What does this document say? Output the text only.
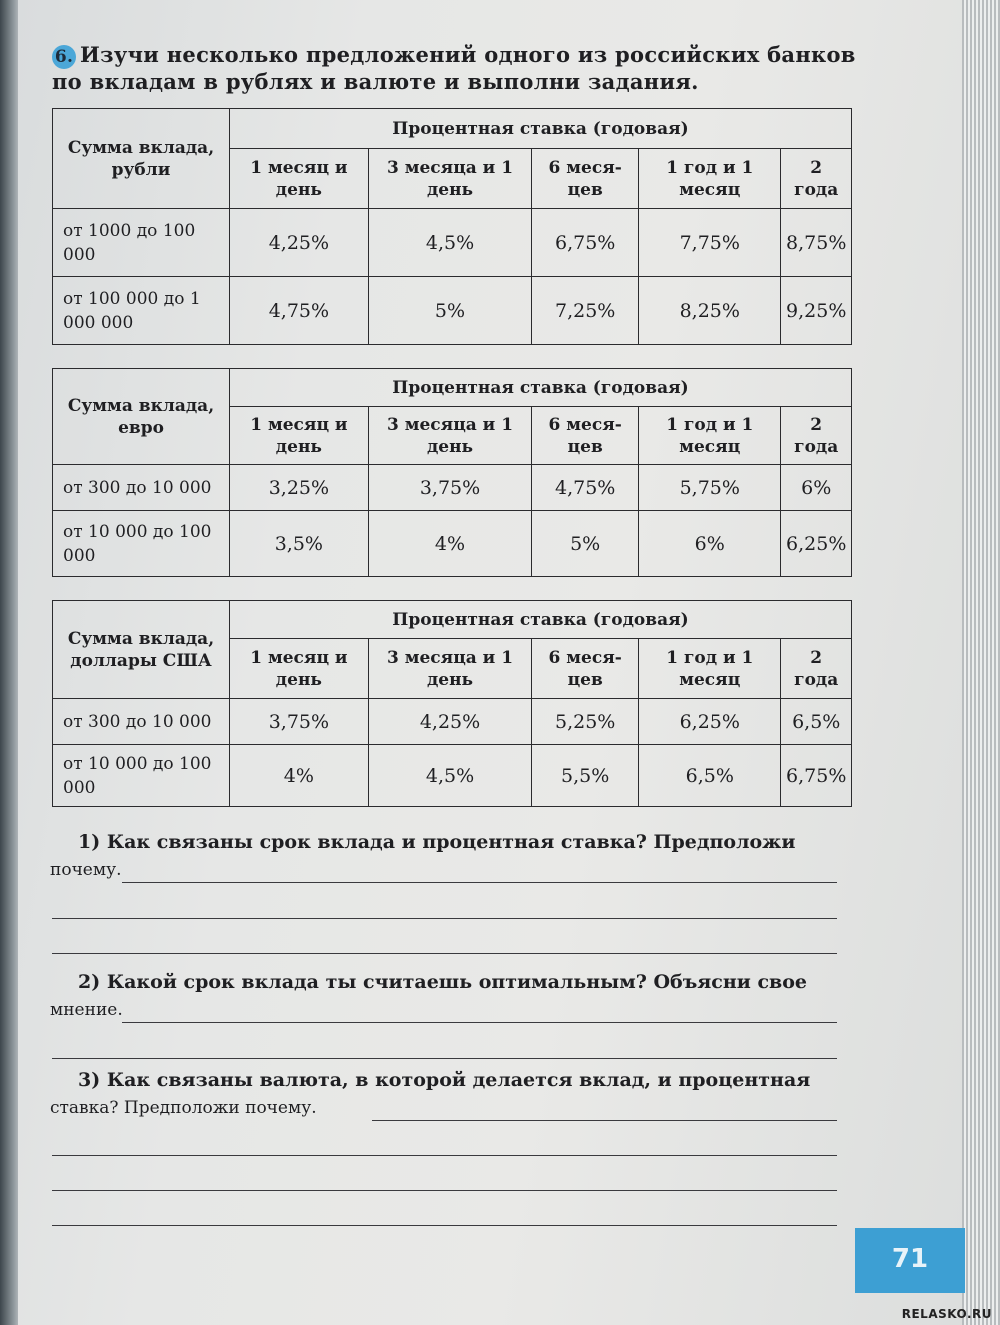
6. Изучи несколько предложений одного из российских банков по вкладам в рублях и валюте и выполни задания.
Сумма вклада, рубли	Процентная ставка (годовая)				
	1 месяц и день	3 месяца и 1 день	6 меся-цев	1 год и 1 месяц	2 года
от 1000 до 100 000	4,25%	4,5%	6,75%	7,75%	8,75%
от 100 000 до 1 000 000	4,75%	5%	7,25%	8,25%	9,25%
Сумма вклада, евро	Процентная ставка (годовая)				
	1 месяц и день	3 месяца и 1 день	6 меся-цев	1 год и 1 месяц	2 года
от 300 до 10 000	3,25%	3,75%	4,75%	5,75%	6%
от 10 000 до 100 000	3,5%	4%	5%	6%	6,25%
Сумма вклада, доллары США	Процентная ставка (годовая)				
	1 месяц и день	3 месяца и 1 день	6 меся-цев	1 год и 1 месяц	2 года
от 300 до 10 000	3,75%	4,25%	5,25%	6,25%	6,5%
от 10 000 до 100 000	4%	4,5%	5,5%	6,5%	6,75%
1) Как связаны срок вклада и процентная ставка? Предположи
почему.
2) Какой срок вклада ты считаешь оптимальным? Объясни свое
мнение.
3) Как связаны валюта, в которой делается вклад, и процентная
ставка? Предположи почему.
71
RELASKO.RU
